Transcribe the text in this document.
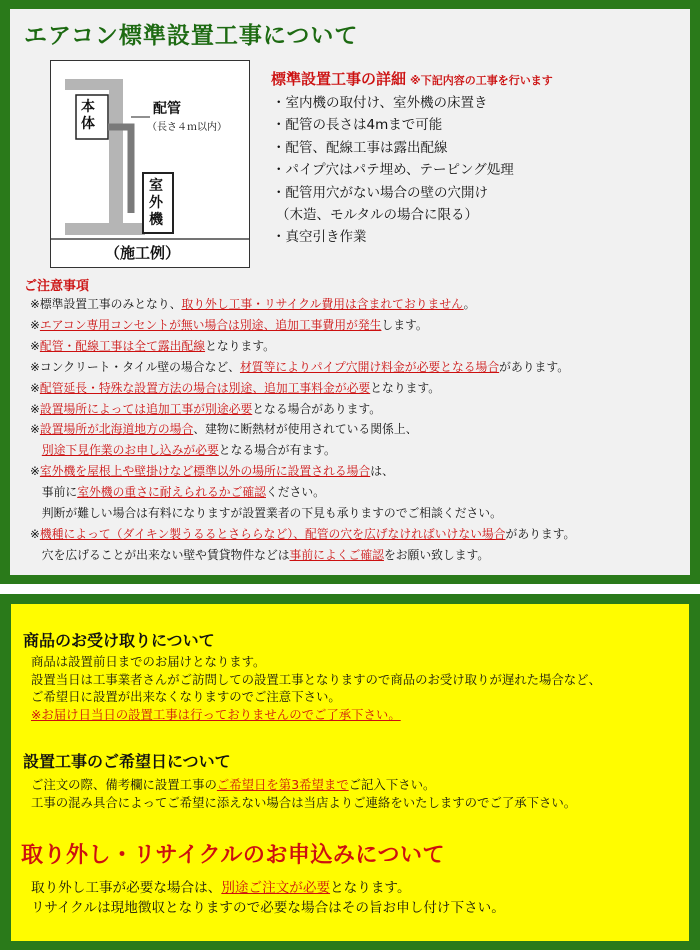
エアコン標準設置工事について
本体
配管
（長さ４ｍ以内）
室外機
（施工例）
標準設置工事の詳細 ※下記内容の工事を行います
・室内機の取付け、室外機の床置き
・配管の長さは4mまで可能
・配管、配線工事は露出配線
・パイプ穴はパテ埋め、テーピング処理
・配管用穴がない場合の壁の穴開け
（木造、モルタルの場合に限る）
・真空引き作業
ご注意事項
※標準設置工事のみとなり、取り外し工事・リサイクル費用は含まれておりません。
※エアコン専用コンセントが無い場合は別途、追加工事費用が発生します。
※配管・配線工事は全て露出配線となります。
※コンクリート・タイル壁の場合など、材質等によりパイプ穴開け料金が必要となる場合があります。
※配管延長・特殊な設置方法の場合は別途、追加工事料金が必要となります。
※設置場所によっては追加工事が別途必要となる場合があります。
※設置場所が北海道地方の場合、建物に断熱材が使用されている関係上、
　別途下見作業のお申し込みが必要となる場合が有ます。
※室外機を屋根上や壁掛けなど標準以外の場所に設置される場合は、
　事前に室外機の重さに耐えられるかご確認ください。
　判断が難しい場合は有料になりますが設置業者の下見も承りますのでご相談ください。
※機種によって（ダイキン製うるるとさららなど）、配管の穴を広げなければいけない場合があります。
　穴を広げることが出来ない壁や賃貸物件などは事前によくご確認をお願い致します。
商品のお受け取りについて
商品は設置前日までのお届けとなります。
設置当日は工事業者さんがご訪問しての設置工事となりますので商品のお受け取りが遅れた場合など、
ご希望日に設置が出来なくなりますのでご注意下さい。
※お届け日当日の設置工事は行っておりませんのでご了承下さい。
設置工事のご希望日について
ご注文の際、備考欄に設置工事のご希望日を第3希望までご記入下さい。
工事の混み具合によってご希望に添えない場合は当店よりご連絡をいたしますのでご了承下さい。
取り外し・リサイクルのお申込みについて
取り外し工事が必要な場合は、別途ご注文が必要となります。
リサイクルは現地徴収となりますので必要な場合はその旨お申し付け下さい。
